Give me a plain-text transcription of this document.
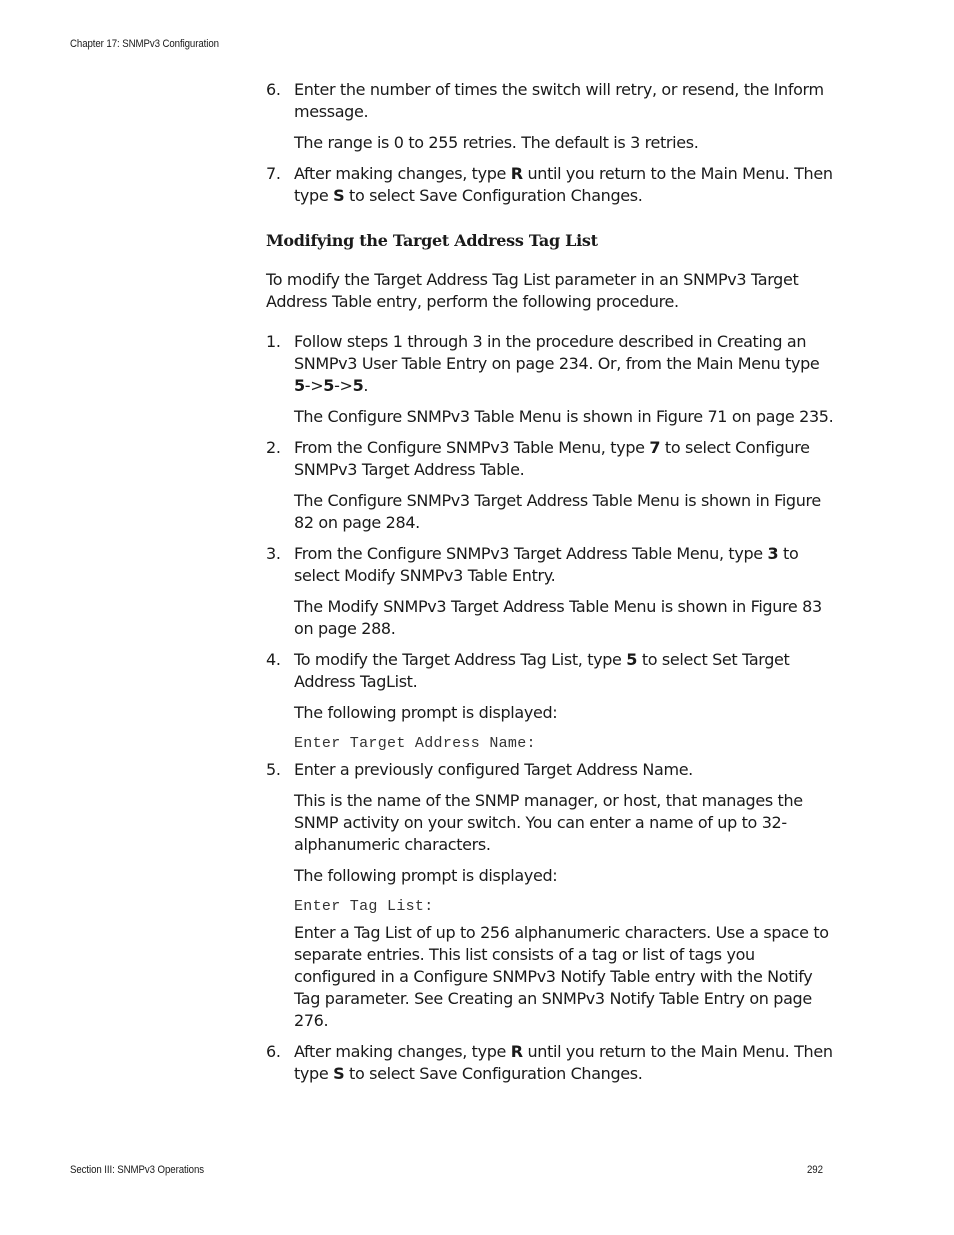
Chapter 17: SNMPv3 Configuration
6. Enter the number of times the switch will retry, or resend, the Inform message.
The range is 0 to 255 retries. The default is 3 retries.
7. After making changes, type R until you return to the Main Menu. Then type S to select Save Configuration Changes.
Modifying the Target Address Tag List
To modify the Target Address Tag List parameter in an SNMPv3 Target Address Table entry, perform the following procedure.
1. Follow steps 1 through 3 in the procedure described in Creating an SNMPv3 User Table Entry on page 234. Or, from the Main Menu type 5->5->5.
The Configure SNMPv3 Table Menu is shown in Figure 71 on page 235.
2. From the Configure SNMPv3 Table Menu, type 7 to select Configure SNMPv3 Target Address Table.
The Configure SNMPv3 Target Address Table Menu is shown in Figure 82 on page 284.
3. From the Configure SNMPv3 Target Address Table Menu, type 3 to select Modify SNMPv3 Table Entry.
The Modify SNMPv3 Target Address Table Menu is shown in Figure 83 on page 288.
4. To modify the Target Address Tag List, type 5 to select Set Target Address TagList.
The following prompt is displayed:
Enter Target Address Name:
5. Enter a previously configured Target Address Name.
This is the name of the SNMP manager, or host, that manages the SNMP activity on your switch. You can enter a name of up to 32-alphanumeric characters.
The following prompt is displayed:
Enter Tag List:
Enter a Tag List of up to 256 alphanumeric characters. Use a space to separate entries. This list consists of a tag or list of tags you configured in a Configure SNMPv3 Notify Table entry with the Notify Tag parameter. See Creating an SNMPv3 Notify Table Entry on page 276.
6. After making changes, type R until you return to the Main Menu. Then type S to select Save Configuration Changes.
Section III: SNMPv3 Operations	292
